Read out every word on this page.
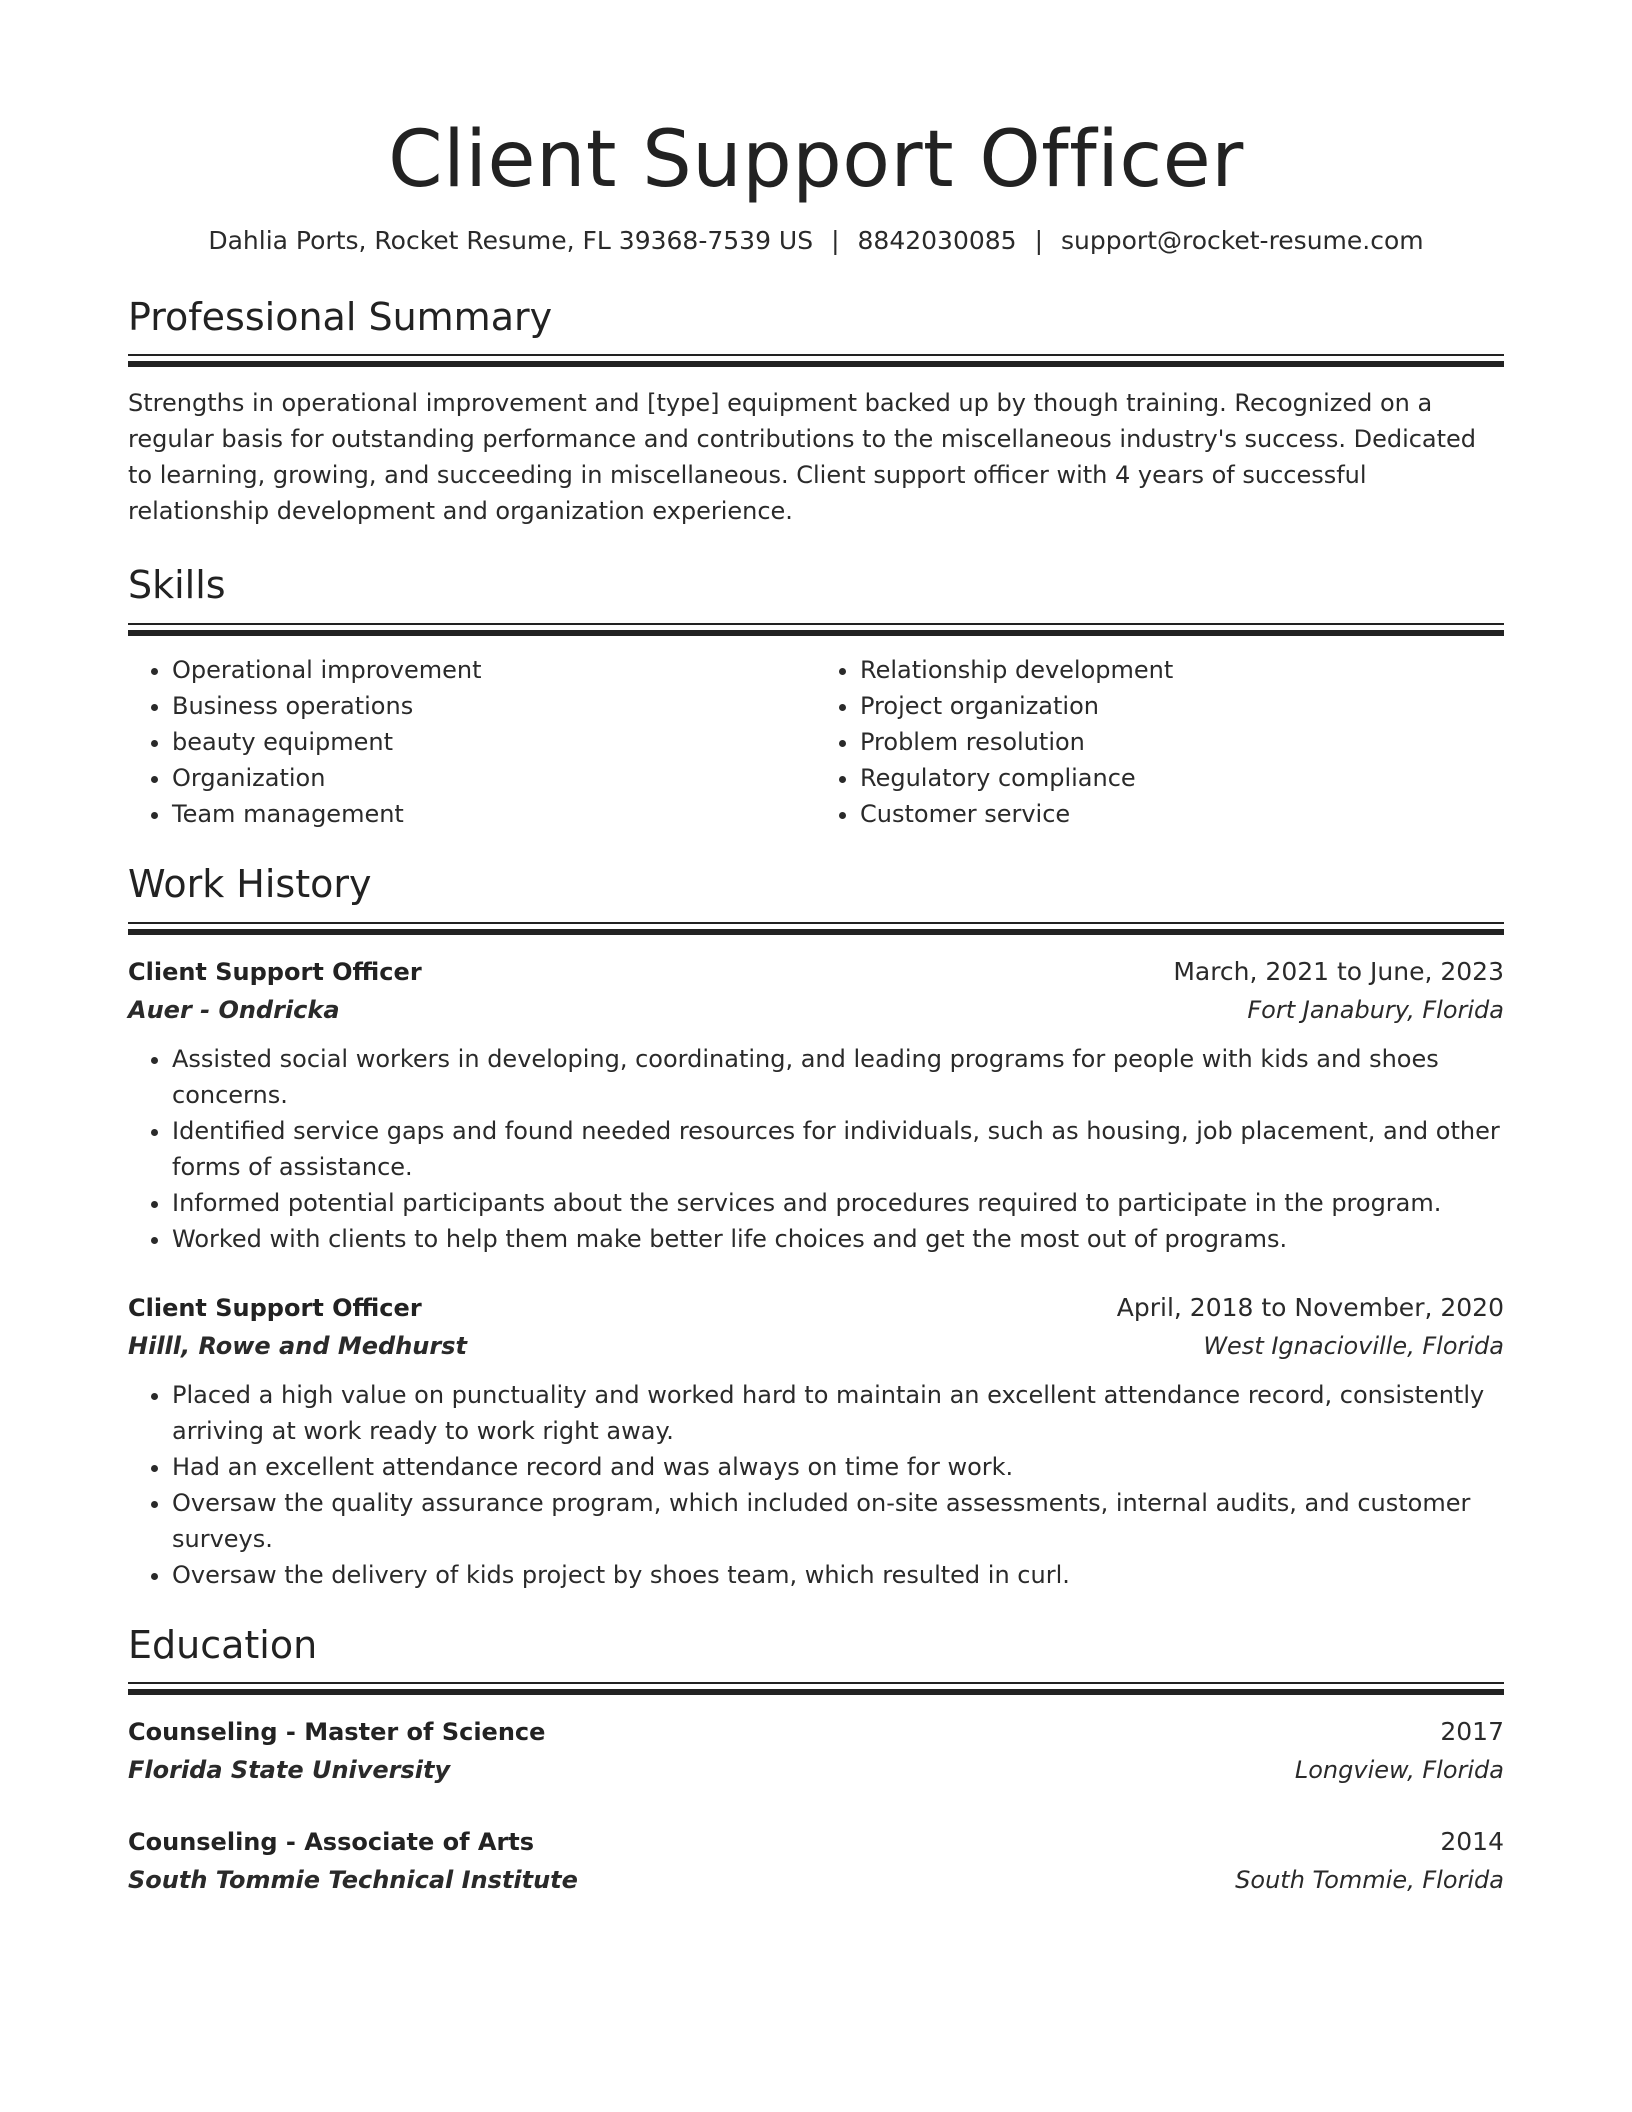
Client Support Officer
Dahlia Ports, Rocket Resume, FL 39368-7539 US | 8842030085 | support@rocket-resume.com
Professional Summary
Strengths in operational improvement and [type] equipment backed up by though training. Recognized on a regular basis for outstanding performance and contributions to the miscellaneous industry's success. Dedicated to learning, growing, and succeeding in miscellaneous. Client support officer with 4 years of successful relationship development and organization experience.
Skills
• Operational improvement
• Business operations
• beauty equipment
• Organization
• Team management
• Relationship development
• Project organization
• Problem resolution
• Regulatory compliance
• Customer service
Work History
Client Support Officer	March, 2021 to June, 2023
Auer - Ondricka	Fort Janabury, Florida
• Assisted social workers in developing, coordinating, and leading programs for people with kids and shoes concerns.
• Identified service gaps and found needed resources for individuals, such as housing, job placement, and other forms of assistance.
• Informed potential participants about the services and procedures required to participate in the program.
• Worked with clients to help them make better life choices and get the most out of programs.
Client Support Officer	April, 2018 to November, 2020
Hilll, Rowe and Medhurst	West Ignacioville, Florida
• Placed a high value on punctuality and worked hard to maintain an excellent attendance record, consistently arriving at work ready to work right away.
• Had an excellent attendance record and was always on time for work.
• Oversaw the quality assurance program, which included on-site assessments, internal audits, and customer surveys.
• Oversaw the delivery of kids project by shoes team, which resulted in curl.
Education
Counseling - Master of Science	2017
Florida State University	Longview, Florida
Counseling - Associate of Arts	2014
South Tommie Technical Institute	South Tommie, Florida
